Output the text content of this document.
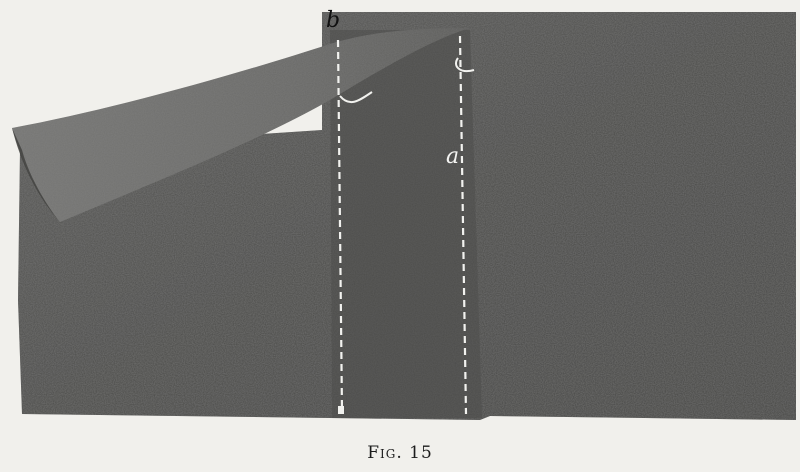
b
a
Fig. 15
